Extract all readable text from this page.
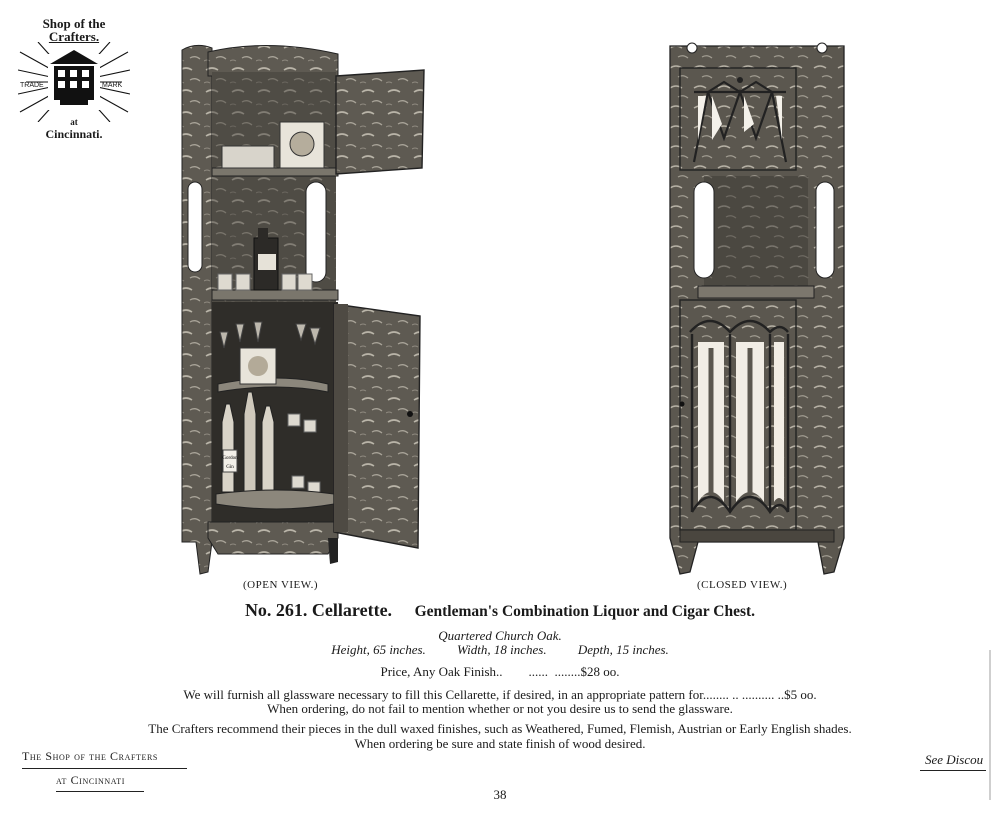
Shop of the
Crafters.
TRADE	MARK
at
Cincinnati.
Gordon
Gin
(OPEN VIEW.)	(CLOSED VIEW.)
No. 261. Cellarette. Gentleman's Combination Liquor and Cigar Chest.
Quartered Church Oak.
Height, 65 inches. Width, 18 inches. Depth, 15 inches.
Price, Any Oak Finish..        ......  ........$28 oo.
We will furnish all glassware necessary to fill this Cellarette, if desired, in an appropriate pattern for........ .. .......... ..$5 oo.
When ordering, do not fail to mention whether or not you desire us to send the glassware.
The Crafters recommend their pieces in the dull waxed finishes, such as Weathered, Fumed, Flemish, Austrian or Early English shades.
When ordering be sure and state finish of wood desired.
The Shop of the Crafters
at Cincinnati
See Discou
38
